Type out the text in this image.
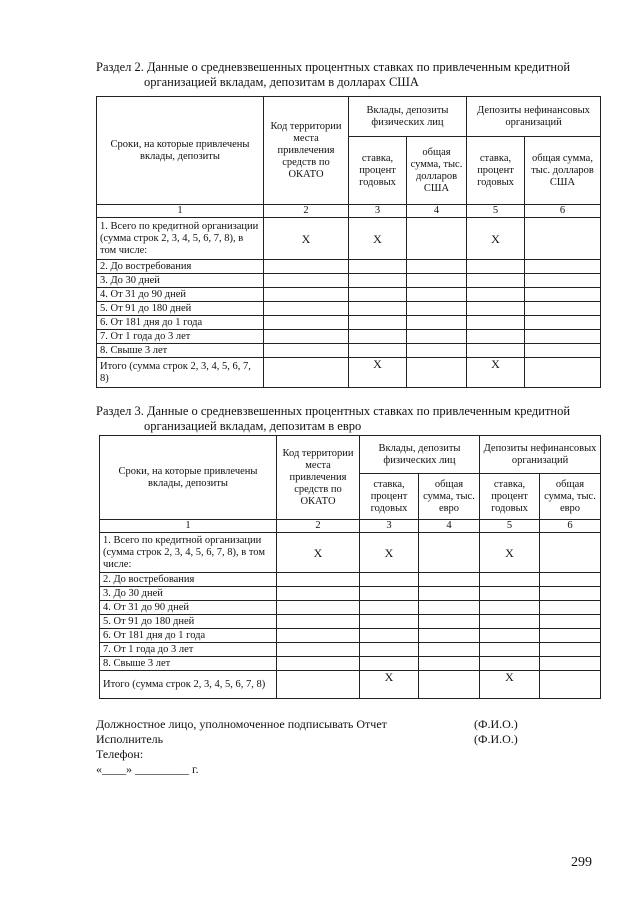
Раздел 2. Данные о средневзвешенных процентных ставках по привлеченным кредитной
организацией вкладам, депозитам в долларах США
Сроки, на которые привлечены вклады, депозиты	Код территории места привлечения средств по ОКАТО	Вклады, депозиты физических лиц		Депозиты нефинансовых организаций	
		ставка, процент годовых	общая сумма, тыс. долларов США	ставка, процент годовых	общая сумма, тыс. долларов США
1	2	3	4	5	6
1. Всего по кредитной организации (сумма строк 2, 3, 4, 5, 6, 7, 8), в том числе:	X	X		X	
2. До востребования					
3. До 30 дней					
4. От 31 до 90 дней					
5. От 91 до 180 дней					
6. От 181 дня до 1 года					
7. От 1 года до 3 лет					
8. Свыше 3 лет					
Итого (сумма строк 2, 3, 4, 5, 6, 7, 8)		X		X	
Раздел 3. Данные о средневзвешенных процентных ставках по привлеченным кредитной
организацией вкладам, депозитам в евро
Сроки, на которые привлечены вклады, депозиты	Код территории места привлечения средств по ОКАТО	Вклады, депозиты физических лиц		Депозиты нефинансовых организаций	
		ставка, процент годовых	общая сумма, тыс. евро	ставка, процент годовых	общая сумма, тыс. евро
1	2	3	4	5	6
1. Всего по кредитной организации (сумма строк 2, 3, 4, 5, 6, 7, 8), в том числе:	X	X		X	
2. До востребования					
3. До 30 дней					
4. От 31 до 90 дней					
5. От 91 до 180 дней					
6. От 181 дня до 1 года					
7. От 1 года до 3 лет					
8. Свыше 3 лет					
Итого (сумма строк 2, 3, 4, 5, 6, 7, 8)		X		X	
Должностное лицо, уполномоченное подписывать Отчет	(Ф.И.О.)
Исполнитель	(Ф.И.О.)
Телефон:
«____» _________ г.
299
